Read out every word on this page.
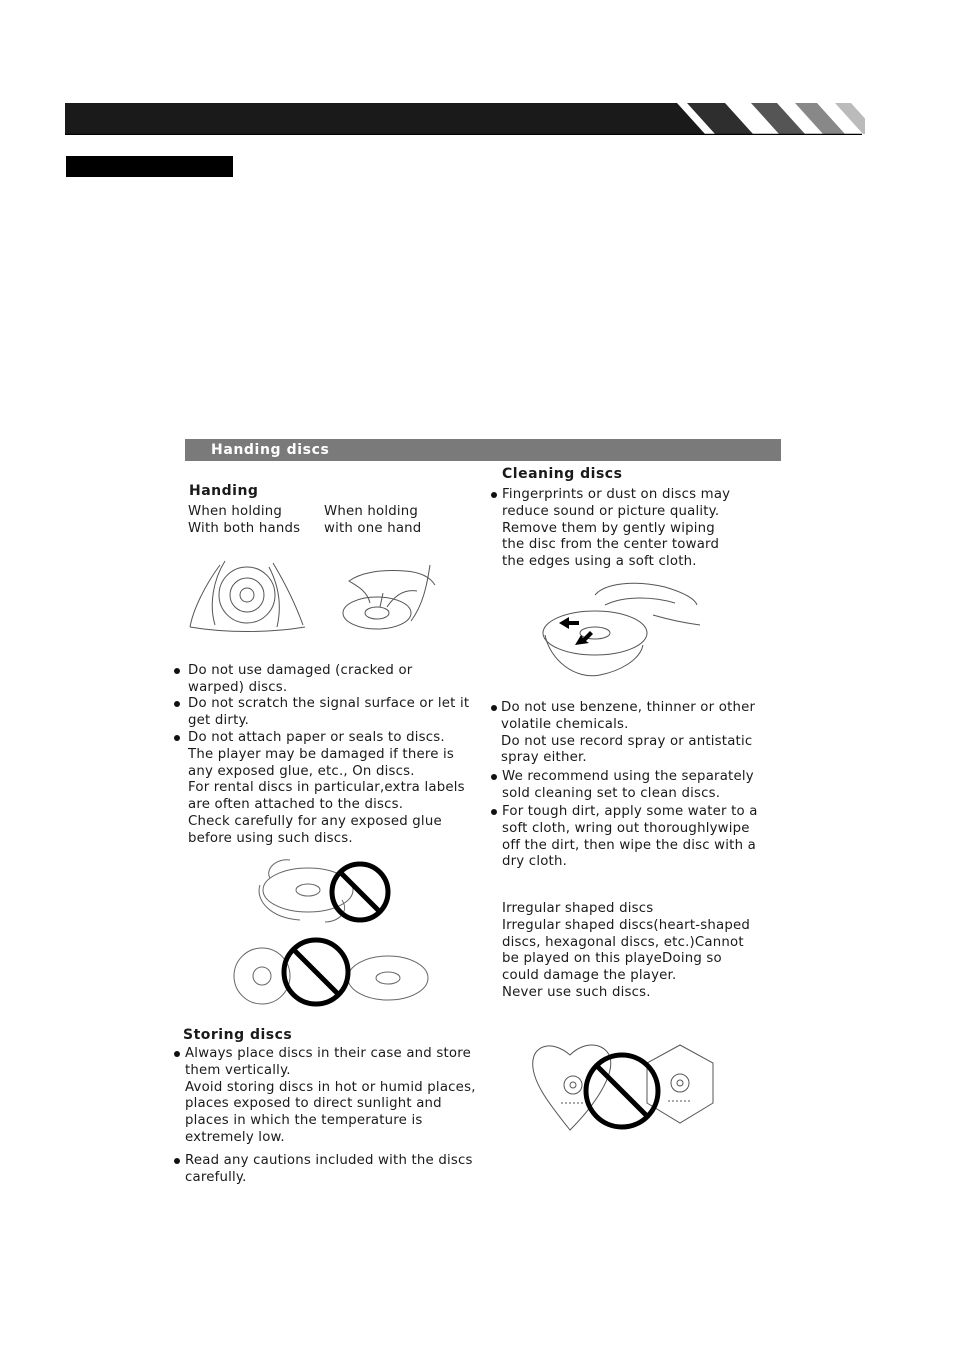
Handing discs
Handing
When holding
With both hands
When holding
with one hand
Do not use damaged (cracked or
warped) discs.
Do not scratch the signal surface or let it
get dirty.
Do not attach paper or seals to discs.
The player may be damaged if there is
any exposed glue, etc., On discs.
For rental discs in particular,extra labels
are often attached to the discs.
Check carefully for any exposed glue
before using such discs.
Storing discs
Always place discs in their case and store
them vertically.
Avoid storing discs in hot or humid places,
places exposed to direct sunlight and
places in which the temperature is
extremely low.
Read any cautions included with the discs
carefully.
Cleaning discs
Fingerprints or dust on discs may
reduce sound or picture quality.
Remove them by gently wiping
the disc from the center toward
the edges using a soft cloth.
Do not use benzene, thinner or other
volatile chemicals.
Do not use record spray or antistatic
spray either.
We recommend using the separately
sold cleaning set to clean discs.
For tough dirt, apply some water to a
soft cloth, wring out thoroughlywipe
off the dirt, then wipe the disc with a
dry cloth.
Irregular shaped discs
Irregular shaped discs(heart-shaped
discs, hexagonal discs, etc.)Cannot
be played on this playeDoing so
could damage the player.
Never use such discs.
